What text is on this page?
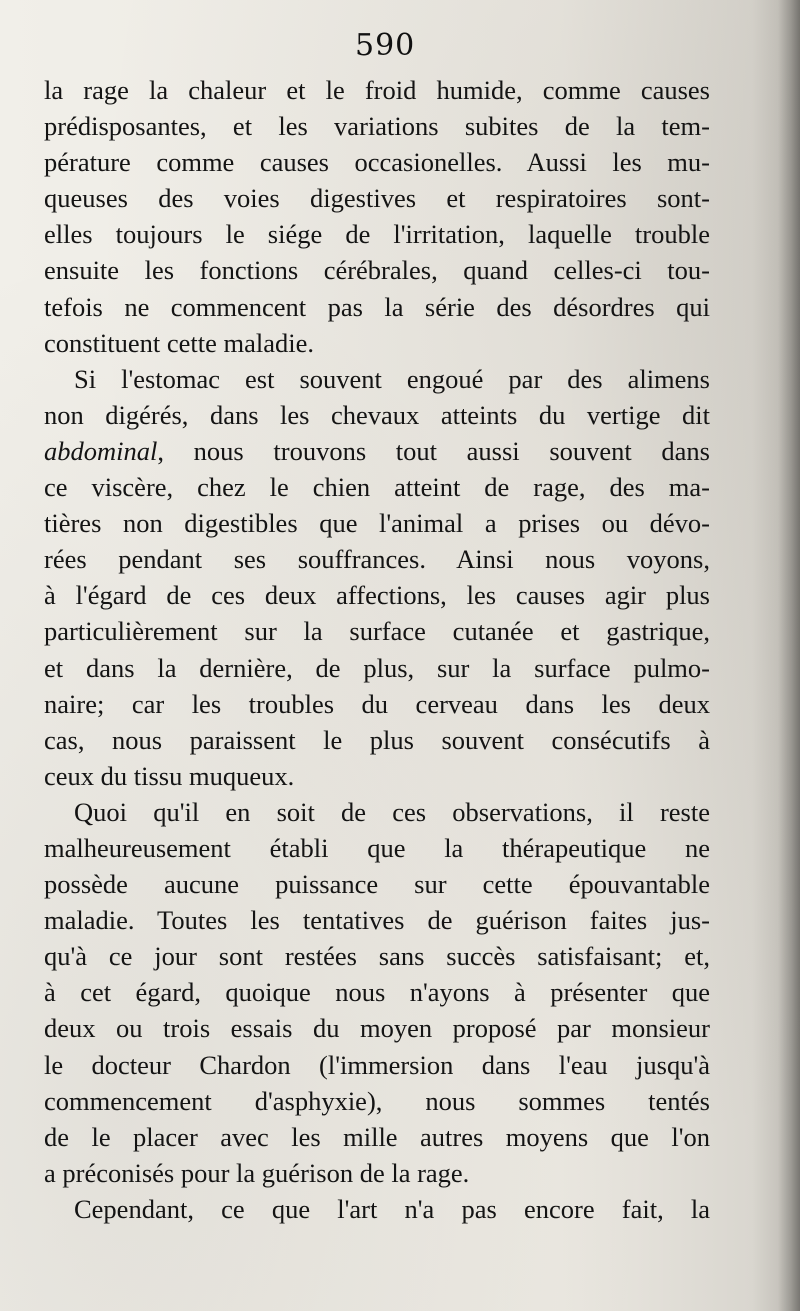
590
la rage la chaleur et le froid humide, comme causes
prédisposantes, et les variations subites de la tem-
pérature comme causes occasionelles. Aussi les mu-
queuses des voies digestives et respiratoires sont-
elles toujours le siége de l'irritation, laquelle trouble
ensuite les fonctions cérébrales, quand celles-ci tou-
tefois ne commencent pas la série des désordres qui
constituent cette maladie.
Si l'estomac est souvent engoué par des alimens
non digérés, dans les chevaux atteints du vertige dit
abdominal, nous trouvons tout aussi souvent dans
ce viscère, chez le chien atteint de rage, des ma-
tières non digestibles que l'animal a prises ou dévo-
rées pendant ses souffrances. Ainsi nous voyons,
à l'égard de ces deux affections, les causes agir plus
particulièrement sur la surface cutanée et gastrique,
et dans la dernière, de plus, sur la surface pulmo-
naire; car les troubles du cerveau dans les deux
cas, nous paraissent le plus souvent consécutifs à
ceux du tissu muqueux.
Quoi qu'il en soit de ces observations, il reste
malheureusement établi que la thérapeutique ne
possède aucune puissance sur cette épouvantable
maladie. Toutes les tentatives de guérison faites jus-
qu'à ce jour sont restées sans succès satisfaisant; et,
à cet égard, quoique nous n'ayons à présenter que
deux ou trois essais du moyen proposé par monsieur
le docteur Chardon (l'immersion dans l'eau jusqu'à
commencement d'asphyxie), nous sommes tentés
de le placer avec les mille autres moyens que l'on
a préconisés pour la guérison de la rage.
Cependant, ce que l'art n'a pas encore fait, la
